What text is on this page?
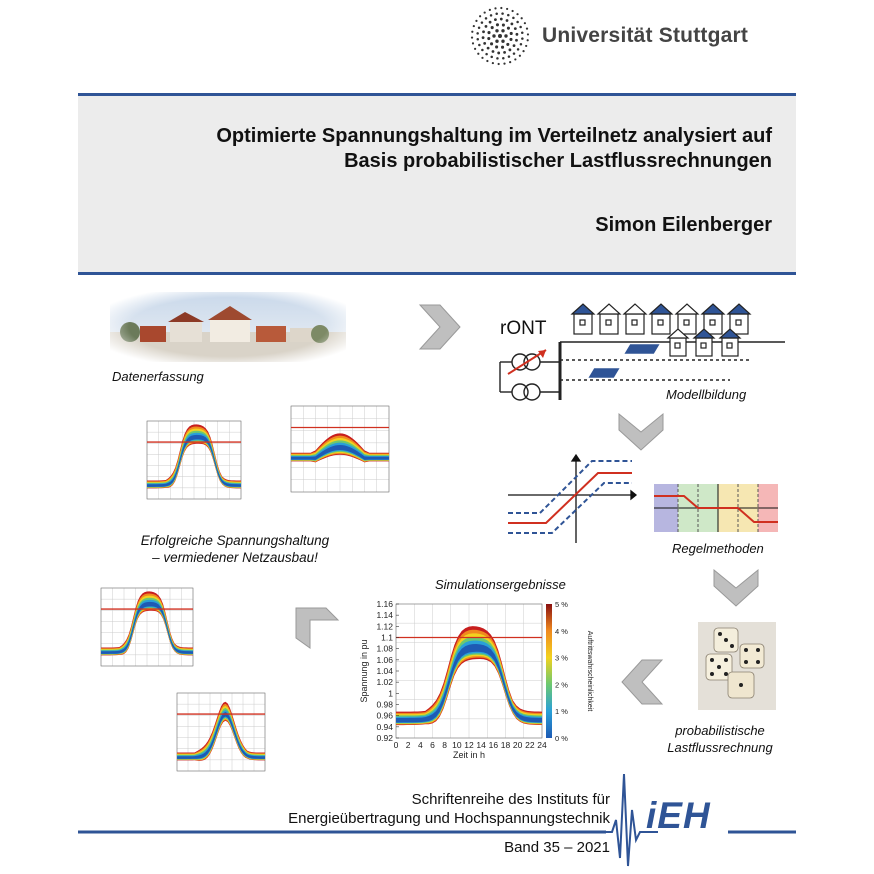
Universität Stuttgart
Optimierte Spannungshaltung im Verteilnetz analysiert auf
Basis probabilistischer Lastflussrechnungen
Simon Eilenberger
Datenerfassung
rONT
Modellbildung
Regelmethoden
probabilistische
Lastflussrechnung
Erfolgreiche Spannungshaltung
– vermiedener Netzausbau!
Simulationsergebnisse
1.16
1.14
1.12
1.1
1.08
1.06
1.04
1.02
1
0.98
0.96
0.94
0.92
0 2 4 6 8 10 12 14 16 18 20 22 24
Zeit in h
Spannung in pu
5 %
4 %
3 %
2 %
1 %
0 %
Auftrittswahrscheinlichkeit
Schriftenreihe des Instituts für
Energieübertragung und Hochspannungstechnik
Band 35 – 2021
iEH
